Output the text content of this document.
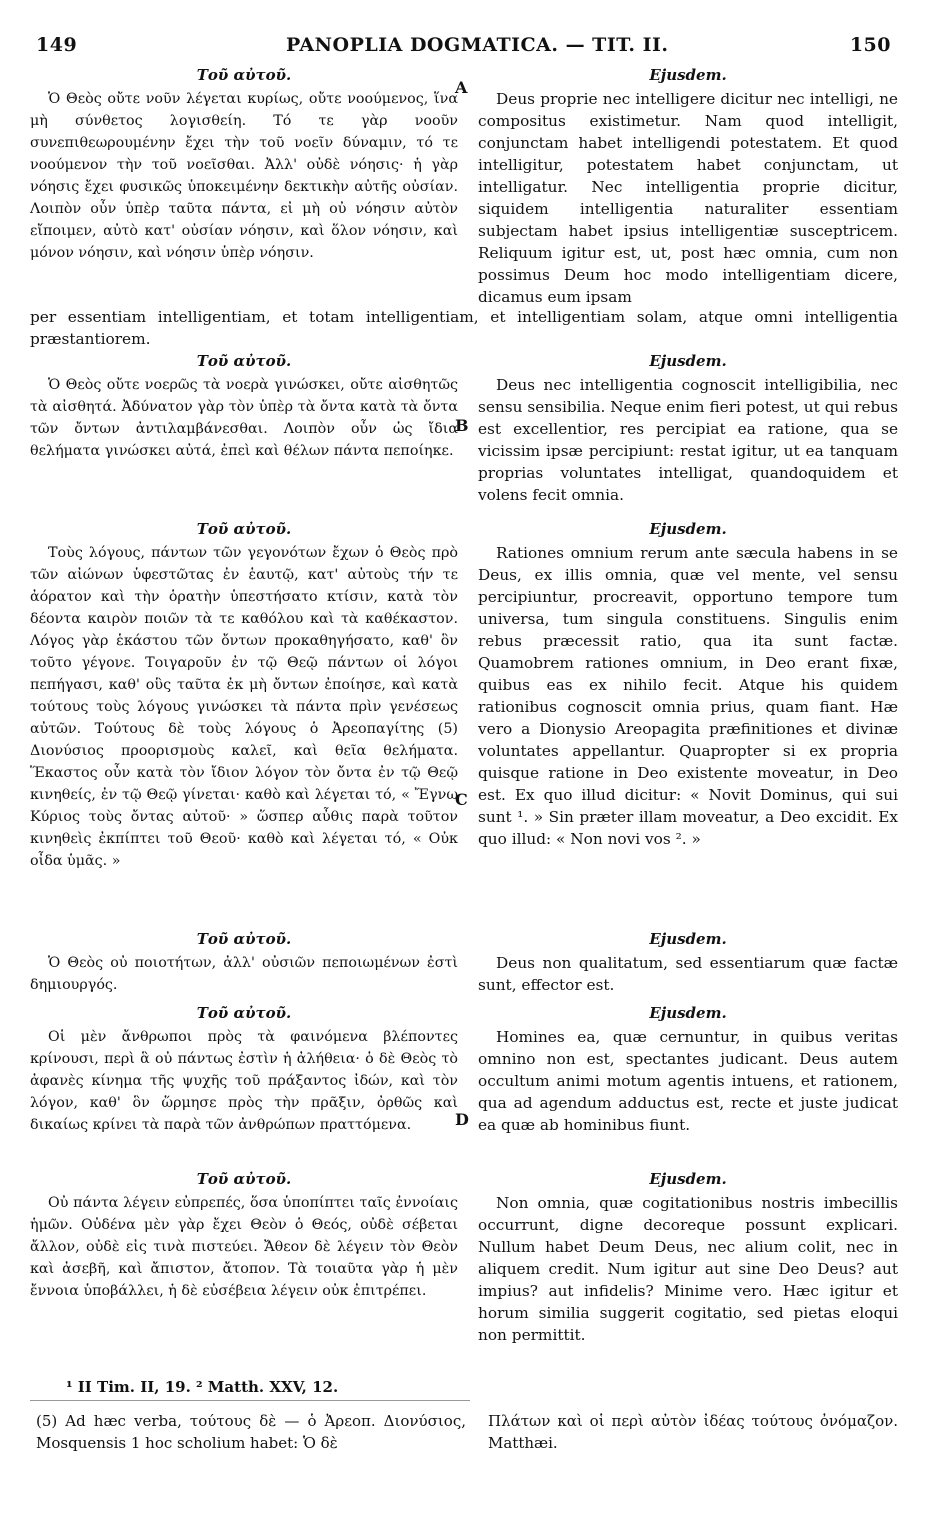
149	PANOPLIA DOGMATICA. — TIT. II.	150
A
B
C
D
Τοῦ αὐτοῦ.	Ejusdem.

Ὁ Θεὸς οὔτε νοῦν λέγεται κυρίως, οὔτε νοούμενος, ἵνα μὴ σύνθετος λογισθείη. Τό τε γὰρ νοοῦν συνεπιθεωρουμένην ἔχει τὴν τοῦ νοεῖν δύναμιν, τό τε νοούμενον τὴν τοῦ νοεῖσθαι. Ἀλλ' οὐδὲ νόησις· ἡ γὰρ νόησις ἔχει φυσικῶς ὑποκειμένην δεκτικὴν αὐτῆς οὐσίαν. Λοιπὸν οὖν ὑπὲρ ταῦτα πάντα, εἰ μὴ οὐ νόησιν αὐτὸν εἴποιμεν, αὐτὸ κατ' οὐσίαν νόησιν, καὶ ὅλον νόησιν, καὶ μόνον νόησιν, καὶ νόησιν ὑπὲρ νόησιν.

Deus proprie nec intelligere dicitur nec intelligi, ne compositus existimetur. Nam quod intelligit, conjunctam habet intelligendi potestatem. Et quod intelligitur, potestatem habet conjunctam, ut intelligatur. Nec intelligentia proprie dicitur, siquidem intelligentia naturaliter essentiam subjectam habet ipsius intelligentiæ susceptricem. Reliquum igitur est, ut, post hæc omnia, cum non possimus Deum hoc modo intelligentiam dicere, dicamus eum ipsam

per essentiam intelligentiam, et totam intelligentiam, et intelligentiam solam, atque omni intelligentia præstantiorem.

Τοῦ αὐτοῦ.	Ejusdem.

Ὁ Θεὸς οὔτε νοερῶς τὰ νοερὰ γινώσκει, οὔτε αἰσθητῶς τὰ αἰσθητά. Ἀδύνατον γὰρ τὸν ὑπὲρ τὰ ὄντα κατὰ τὰ ὄντα τῶν ὄντων ἀντιλαμβάνεσθαι. Λοιπὸν οὖν ὡς ἴδια θελήματα γινώσκει αὐτά, ἐπεὶ καὶ θέλων πάντα πεποίηκε.

Deus nec intelligentia cognoscit intelligibilia, nec sensu sensibilia. Neque enim fieri potest, ut qui rebus est excellentior, res percipiat ea ratione, qua se vicissim ipsæ percipiunt: restat igitur, ut ea tanquam proprias voluntates intelligat, quandoquidem et volens fecit omnia.

Τοῦ αὐτοῦ.	Ejusdem.

Τοὺς λόγους, πάντων τῶν γεγονότων ἔχων ὁ Θεὸς πρὸ τῶν αἰώνων ὑφεστῶτας ἐν ἑαυτῷ, κατ' αὐτοὺς τήν τε ἀόρατον καὶ τὴν ὁρατὴν ὑπεστήσατο κτίσιν, κατὰ τὸν δέοντα καιρὸν ποιῶν τὰ τε καθόλου καὶ τὰ καθέκαστον. Λόγος γὰρ ἑκάστου τῶν ὄντων προκαθηγήσατο, καθ' ὃν τοῦτο γέγονε. Τοιγαροῦν ἐν τῷ Θεῷ πάντων οἱ λόγοι πεπήγασι, καθ' οὓς ταῦτα ἐκ μὴ ὄντων ἐποίησε, καὶ κατὰ τούτους τοὺς λόγους γινώσκει τὰ πάντα πρὶν γενέσεως αὐτῶν. Τούτους δὲ τοὺς λόγους ὁ Ἀρεοπαγίτης (5) Διονύσιος προορισμοὺς καλεῖ, καὶ θεῖα θελήματα. Ἕκαστος οὖν κατὰ τὸν ἴδιον λόγον τὸν ὄντα ἐν τῷ Θεῷ κινηθείς, ἐν τῷ Θεῷ γίνεται· καθὸ καὶ λέγεται τό, « Ἔγνω Κύριος τοὺς ὄντας αὐτοῦ· » ὥσπερ αὖθις παρὰ τοῦτον κινηθεὶς ἐκπίπτει τοῦ Θεοῦ· καθὸ καὶ λέγεται τό, « Οὐκ οἶδα ὑμᾶς. »

Rationes omnium rerum ante sæcula habens in se Deus, ex illis omnia, quæ vel mente, vel sensu percipiuntur, procreavit, opportuno tempore tum universa, tum singula constituens. Singulis enim rebus præcessit ratio, qua ita sunt factæ. Quamobrem rationes omnium, in Deo erant fixæ, quibus eas ex nihilo fecit. Atque his quidem rationibus cognoscit omnia prius, quam fiant. Hæ vero a Dionysio Areopagita præfinitiones et divinæ voluntates appellantur. Quapropter si ex propria quisque ratione in Deo existente moveatur, in Deo est. Ex quo illud dicitur: « Novit Dominus, qui sui sunt ¹. » Sin præter illam moveatur, a Deo excidit. Ex quo illud: « Non novi vos ². »

Τοῦ αὐτοῦ.	Ejusdem.

Ὁ Θεὸς οὐ ποιοτήτων, ἀλλ' οὐσιῶν πεποιωμένων ἐστὶ δημιουργός.

Deus non qualitatum, sed essentiarum quæ factæ sunt, effector est.

Τοῦ αὐτοῦ.	Ejusdem.

Οἱ μὲν ἄνθρωποι πρὸς τὰ φαινόμενα βλέποντες κρίνουσι, περὶ ἃ οὐ πάντως ἐστὶν ἡ ἀλήθεια· ὁ δὲ Θεὸς τὸ ἀφανὲς κίνημα τῆς ψυχῆς τοῦ πράξαντος ἰδών, καὶ τὸν λόγον, καθ' ὃν ὥρμησε πρὸς τὴν πρᾶξιν, ὀρθῶς καὶ δικαίως κρίνει τὰ παρὰ τῶν ἀνθρώπων πραττόμενα.

Homines ea, quæ cernuntur, in quibus veritas omnino non est, spectantes judicant. Deus autem occultum animi motum agentis intuens, et rationem, qua ad agendum adductus est, recte et juste judicat ea quæ ab hominibus fiunt.

Τοῦ αὐτοῦ.	Ejusdem.

Οὐ πάντα λέγειν εὐπρεπές, ὅσα ὑποπίπτει ταῖς ἐννοίαις ἡμῶν. Οὐδένα μὲν γὰρ ἔχει Θεὸν ὁ Θεός, οὐδὲ σέβεται ἄλλον, οὐδὲ εἰς τινὰ πιστεύει. Ἄθεον δὲ λέγειν τὸν Θεὸν καὶ ἀσεβῆ, καὶ ἄπιστον, ἄτοπον. Τὰ τοιαῦτα γὰρ ἡ μὲν ἔννοια ὑποβάλλει, ἡ δὲ εὐσέβεια λέγειν οὐκ ἐπιτρέπει.

Non omnia, quæ cogitationibus nostris imbecillis occurrunt, digne decoreque possunt explicari. Nullum habet Deum Deus, nec alium colit, nec in aliquem credit. Num igitur aut sine Deo Deus? aut impius? aut infidelis? Minime vero. Hæc igitur et horum similia suggerit cogitatio, sed pietas eloqui non permittit.

¹ II Tim. II, 19. ² Matth. XXV, 12.
(5) Ad hæc verba, τούτους δὲ — ὁ Ἀρεοπ. Διονύσιος, Mosquensis 1 hoc scholium habet: Ὁ δὲ
Πλάτων καὶ οἱ περὶ αὐτὸν ἰδέας τούτους ὀνόμαζον. Matthæi.
